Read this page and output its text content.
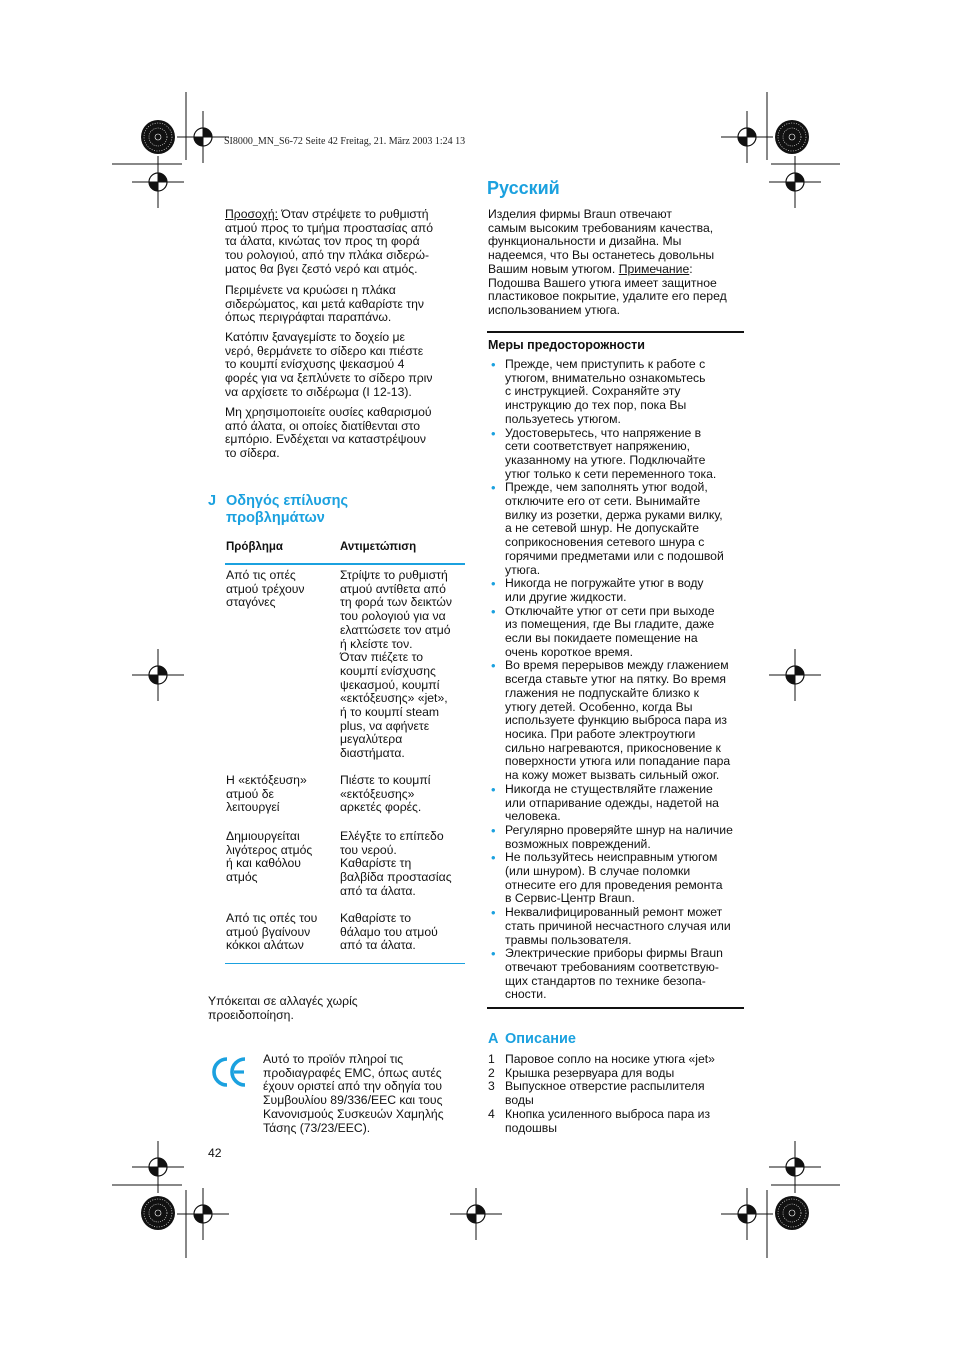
SI8000_MN_S6-72 Seite 42 Freitag, 21. März 2003 1:24 13
Προσοχή: Όταν στρέψετε το ρυθμιστή
ατμού προς το τμήμα προστασίας από
τα άλατα, κινώτας τον προς τη φορά
του ρολογιού, από την πλάκα σιδερώ-
ματος θα βγει ζεστό νερό και ατμός.
Περιμένετε να κρυώσει η πλάκα
σιδερώματος, και μετά καθαρίστε την
όπως περιγράφται παραπάνω.
Κατόπιν ξαναγεμίστε το δοχείο με
νερό, θερμάνετε το σίδερο και πιέστε
το κουμπί ενίσχυσης ψεκασμού 4
φορές για να ξεπλύνετε το σίδερο πριν
να αρχίσετε το σιδέρωμα (I 12-13).
Μη χρησιμοποιείτε ουσίες καθαρισμού
από άλατα, οι οποίες διατίθενται στο
εμπόριο. Ενδέχεται να καταστρέψουν
το σίδερα.
J Οδηγός επίλυσης
προβλημάτων
Πρόβλημα	Αντιμετώπιση
Από τις οπές
ατμού τρέχουν
σταγόνες
Στρίψτε το ρυθμιστή
ατμού αντίθετα από
τη φορά των δεικτών
του ρολογιού για να
ελαττώσετε τον ατμό
ή κλείστε τον.
Όταν πιέζετε το
κουμπί ενίσχυσης
ψεκασμού, κουμπί
«εκτόξευσης» «jet»,
ή το κουμπί steam
plus, να αφήνετε
μεγαλύτερα
διαστήματα.
Η «εκτόξευση»
ατμού δε
λειτουργεί
Πιέστε το κουμπί
«εκτόξευσης»
αρκετές φορές.
Δημιουργείται
λιγότερος ατμός
ή και καθόλου
ατμός
Ελέγξτε το επίπεδο
του νερού.
Καθαρίστε τη
βαλβίδα προστασίας
από τα άλατα.
Από τις οπές του
ατμού βγαίνουν
κόκκοι αλάτων
Καθαρίστε το
θάλαμο του ατμού
από τα άλατα.
Υπόκειται σε αλλαγές χωρίς
προειδοποίηση.
Αυτό το προϊόν πληροί τις
προδιαγραφές EMC, όπως αυτές
έχουν οριστεί από την οδηγία του
Συμβουλίου 89/336/EEC και τους
Κανονισμούς Συσκευών Χαμηλής
Τάσης (73/23/EEC).
42
Русский
Изделия фирмы Braun отвечают
самым высоким требованиям качества,
функциональности и дизайна. Мы
надеемся, что Вы останетесь довольны
Вашим новым утюгом. Примечание:
Подошва Вашего утюга имеет защитное
пластиковое покрытие, удалите его перед
использованием утюга.
Меры предосторожности
• Прежде, чем приступить к работе с
утюгом, внимательно ознакомьтесь
с инструкцией. Сохраняйте эту
инструкцию до тех пор, пока Вы
пользуетесь утюгом.
• Удостоверьтесь, что напряжение в
сети соответствует напряжению,
указанному на утюге. Подключайте
утюг только к сети переменного тока.
• Прежде, чем заполнять утюг водой,
отключите его от сети. Вынимайте
вилку из розетки, держа руками вилку,
а не сетевой шнур. Не допускайте
соприкосновения сетевого шнура с
горячими предметами или с подошвой
утюга.
• Никогда не погружайте утюг в воду
или другие жидкости.
• Отключайте утюг от сети при выходе
из помещения, где Вы гладите, даже
если вы покидаете помещение на
очень короткое время.
• Во время перерывов между глажением
всегда ставьте утюг на пятку. Во время
глажения не подпускайте близко к
утюгу детей. Особенно, когда Вы
используете функцию выброса пара из
носика. При работе электроутюги
сильно нагреваются, прикосновение к
поверхности утюга или попадание пара
на кожу может вызвать сильный ожог.
• Никогда не стуществляйте глажение
или отпаривание одежды, надетой на
человека.
• Регулярно проверяйте шнур на наличие
возможных повреждений.
• Не пользуйтесь неисправным утюгом
(или шнуром). В случае поломки
отнесите его для проведения ремонта
в Сервис-Центр Braun.
• Неквалифицированный ремонт может
стать причиной несчастного случая или
травмы пользователя.
• Электрические приборы фирмы Braun
отвечают требованиям соответствую-
щих стандартов по технике безопа-
сности.
A Описание
1 Паровое сопло на носике утюга «jet»
2 Крышка резервуара для воды
3 Выпускное отверстие распылителя
воды
4 Кнопка усиленного выброса пара из
подошвы
